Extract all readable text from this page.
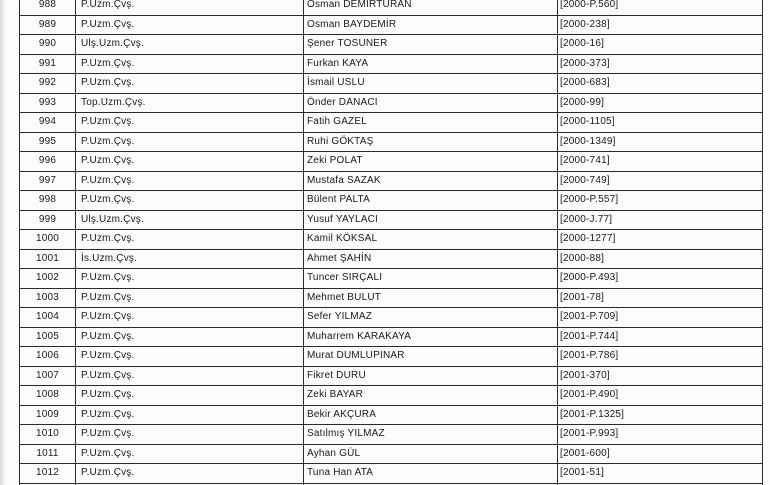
988	P.Uzm.Çvş.	Osman DEMİRTURAN	[2000-P.560]
989	P.Uzm.Çvş.	Osman BAYDEMİR	[2000-238]
990	Ulş.Uzm.Çvş.	Şener TOSUNER	[2000-16]
991	P.Uzm.Çvş.	Furkan KAYA	[2000-373]
992	P.Uzm.Çvş.	İsmail USLU	[2000-683]
993	Top.Uzm.Çvş.	Önder DANACI	[2000-99]
994	P.Uzm.Çvş.	Fatih GAZEL	[2000-1105]
995	P.Uzm.Çvş.	Ruhi GÖKTAŞ	[2000-1349]
996	P.Uzm.Çvş.	Zeki POLAT	[2000-741]
997	P.Uzm.Çvş.	Mustafa SAZAK	[2000-749]
998	P.Uzm.Çvş.	Bülent PALTA	[2000-P.557]
999	Ulş.Uzm.Çvş.	Yusuf YAYLACI	[2000-J.77]
1000	P.Uzm.Çvş.	Kamil KÖKSAL	[2000-1277]
1001	İs.Uzm.Çvş.	Ahmet ŞAHİN	[2000-88]
1002	P.Uzm.Çvş.	Tuncer SIRÇALI	[2000-P.493]
1003	P.Uzm.Çvş.	Mehmet BULUT	[2001-78]
1004	P.Uzm.Çvş.	Sefer YILMAZ	[2001-P.709]
1005	P.Uzm.Çvş.	Muharrem KARAKAYA	[2001-P.744]
1006	P.Uzm.Çvş.	Murat DUMLUPINAR	[2001-P.786]
1007	P.Uzm.Çvş.	Fikret DURU	[2001-370]
1008	P.Uzm.Çvş.	Zeki BAYAR	[2001-P.490]
1009	P.Uzm.Çvş.	Bekir AKÇURA	[2001-P.1325]
1010	P.Uzm.Çvş.	Satılmış YILMAZ	[2001-P.993]
1011	P.Uzm.Çvş.	Ayhan GÜL	[2001-600]
1012	P.Uzm.Çvş.	Tuna Han ATA	[2001-51]
